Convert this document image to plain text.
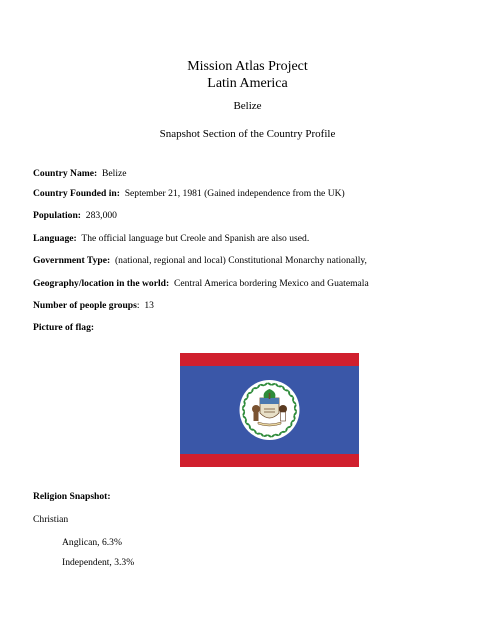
Mission Atlas Project
Latin America
Belize
Snapshot Section of the Country Profile
Country Name: Belize
Country Founded in: September 21, 1981 (Gained independence from the UK)
Population: 283,000
Language: The official language but Creole and Spanish are also used.
Government Type: (national, regional and local) Constitutional Monarchy nationally,
Geography/location in the world: Central America bordering Mexico and Guatemala
Number of people groups:  13
Picture of flag:
Religion Snapshot:
Christian
Anglican, 6.3%
Independent, 3.3%
